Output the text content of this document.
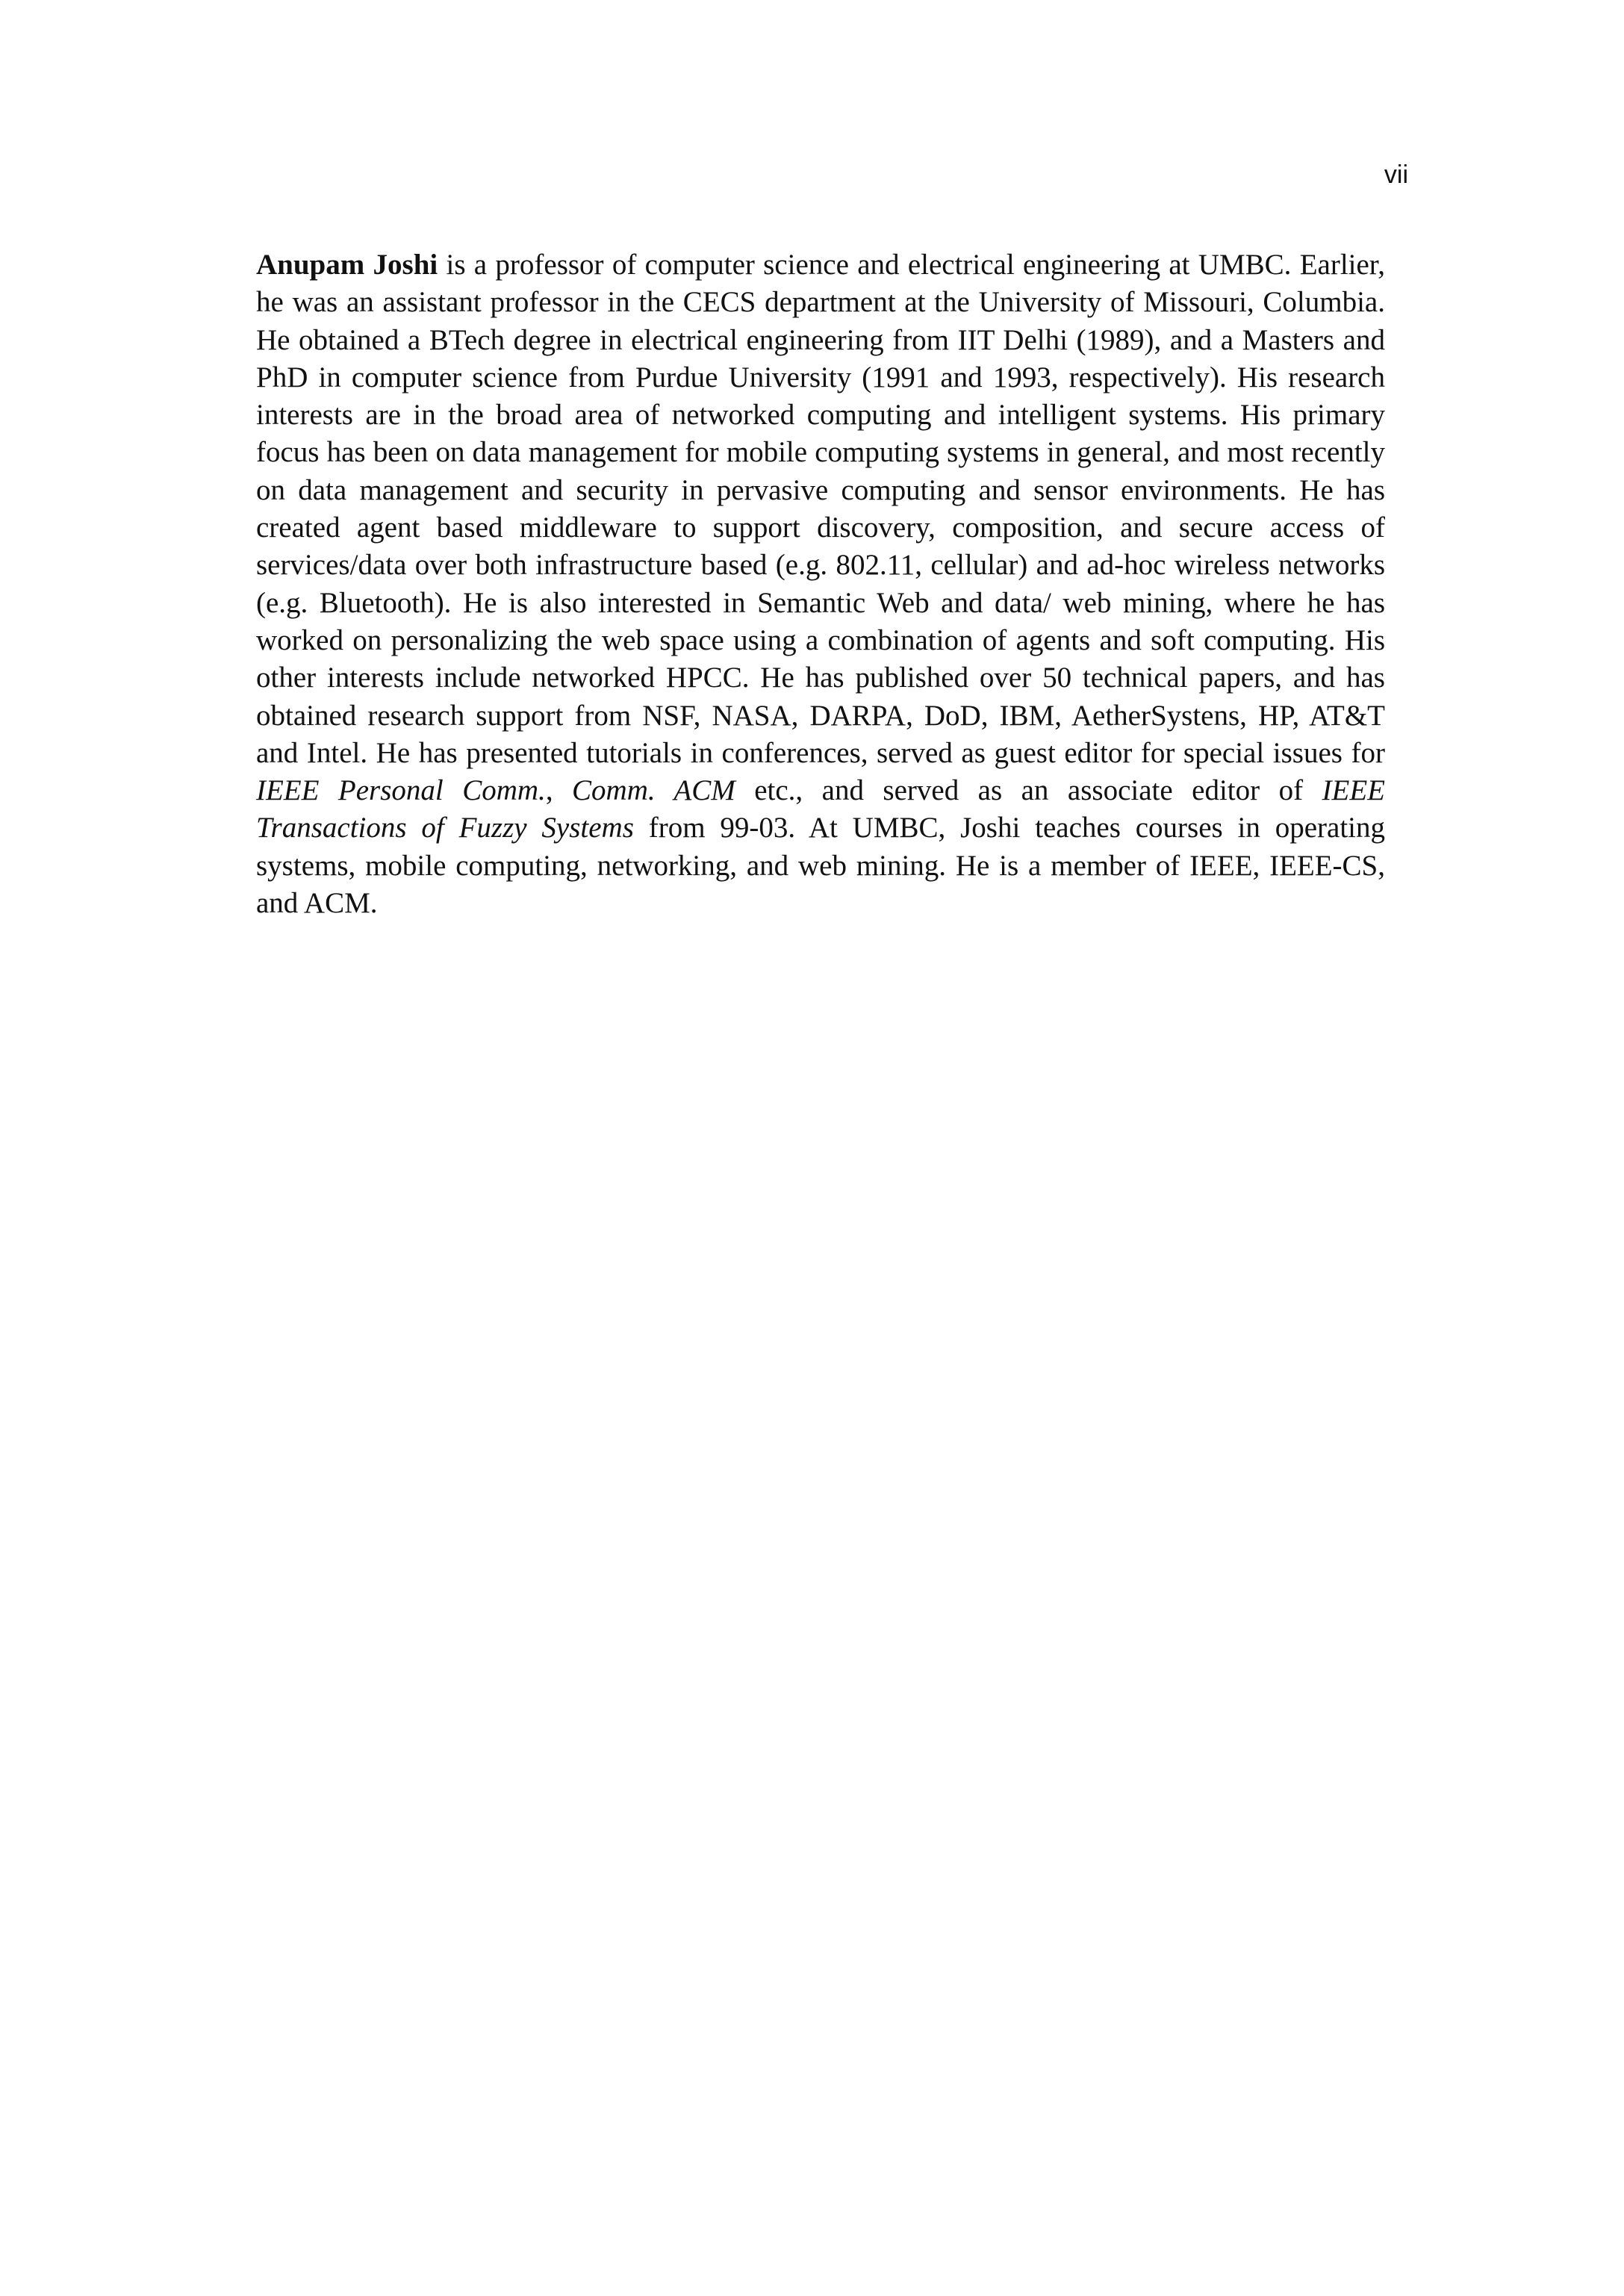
vii

Anupam Joshi is a professor of computer science and electrical engineering at UMBC. Earlier, he was an assistant professor in the CECS department at the University of Missouri, Columbia. He obtained a BTech degree in electrical engineering from IIT Delhi (1989), and a Masters and PhD in computer science from Purdue University (1991 and 1993, respectively). His research interests are in the broad area of networked computing and intelligent systems. His primary focus has been on data management for mobile computing systems in general, and most recently on data management and security in pervasive computing and sensor environments. He has created agent based middleware to support discovery, composition, and secure access of services/data over both infrastructure based (e.g. 802.11, cellular) and ad-hoc wireless networks (e.g. Bluetooth). He is also interested in Semantic Web and data/ web mining, where he has worked on personalizing the web space using a combination of agents and soft computing. His other interests include networked HPCC. He has published over 50 technical papers, and has obtained research support from NSF, NASA, DARPA, DoD, IBM, AetherSystens, HP, AT&T and Intel. He has presented tutorials in conferences, served as guest editor for special issues for IEEE Personal Comm., Comm. ACM etc., and served as an associate editor of IEEE Transactions of Fuzzy Systems from 99-03. At UMBC, Joshi teaches courses in operating systems, mobile computing, networking, and web mining. He is a member of IEEE, IEEE-CS, and ACM.
